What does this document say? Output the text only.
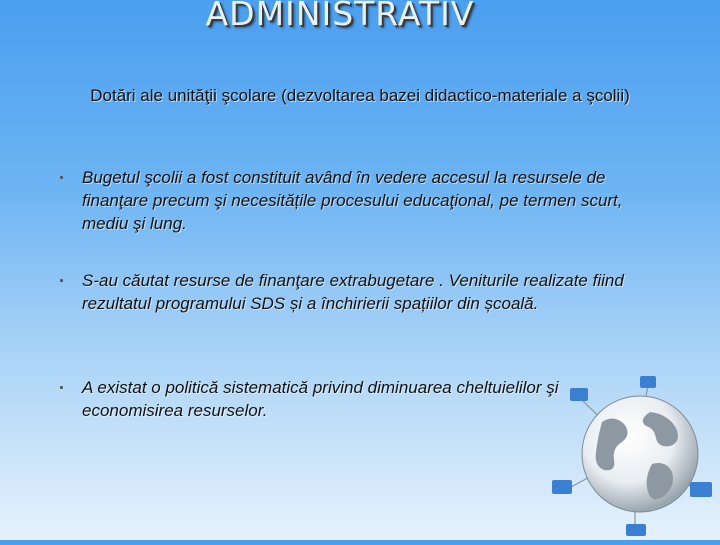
ADMINISTRATIV
Dotări ale unităţii şcolare (dezvoltarea bazei didactico-materiale a şcolii)
Bugetul şcolii a fost constituit având în vedere accesul la resursele de finanţare precum şi necesitățile procesului educaţional, pe termen scurt, mediu şi lung.
S-au căutat resurse de finanţare extrabugetare . Veniturile realizate fiind rezultatul programului SDS și a închirierii spațiilor din școală.
A existat o politică sistematică privind diminuarea cheltuielilor şi economisirea resurselor.
